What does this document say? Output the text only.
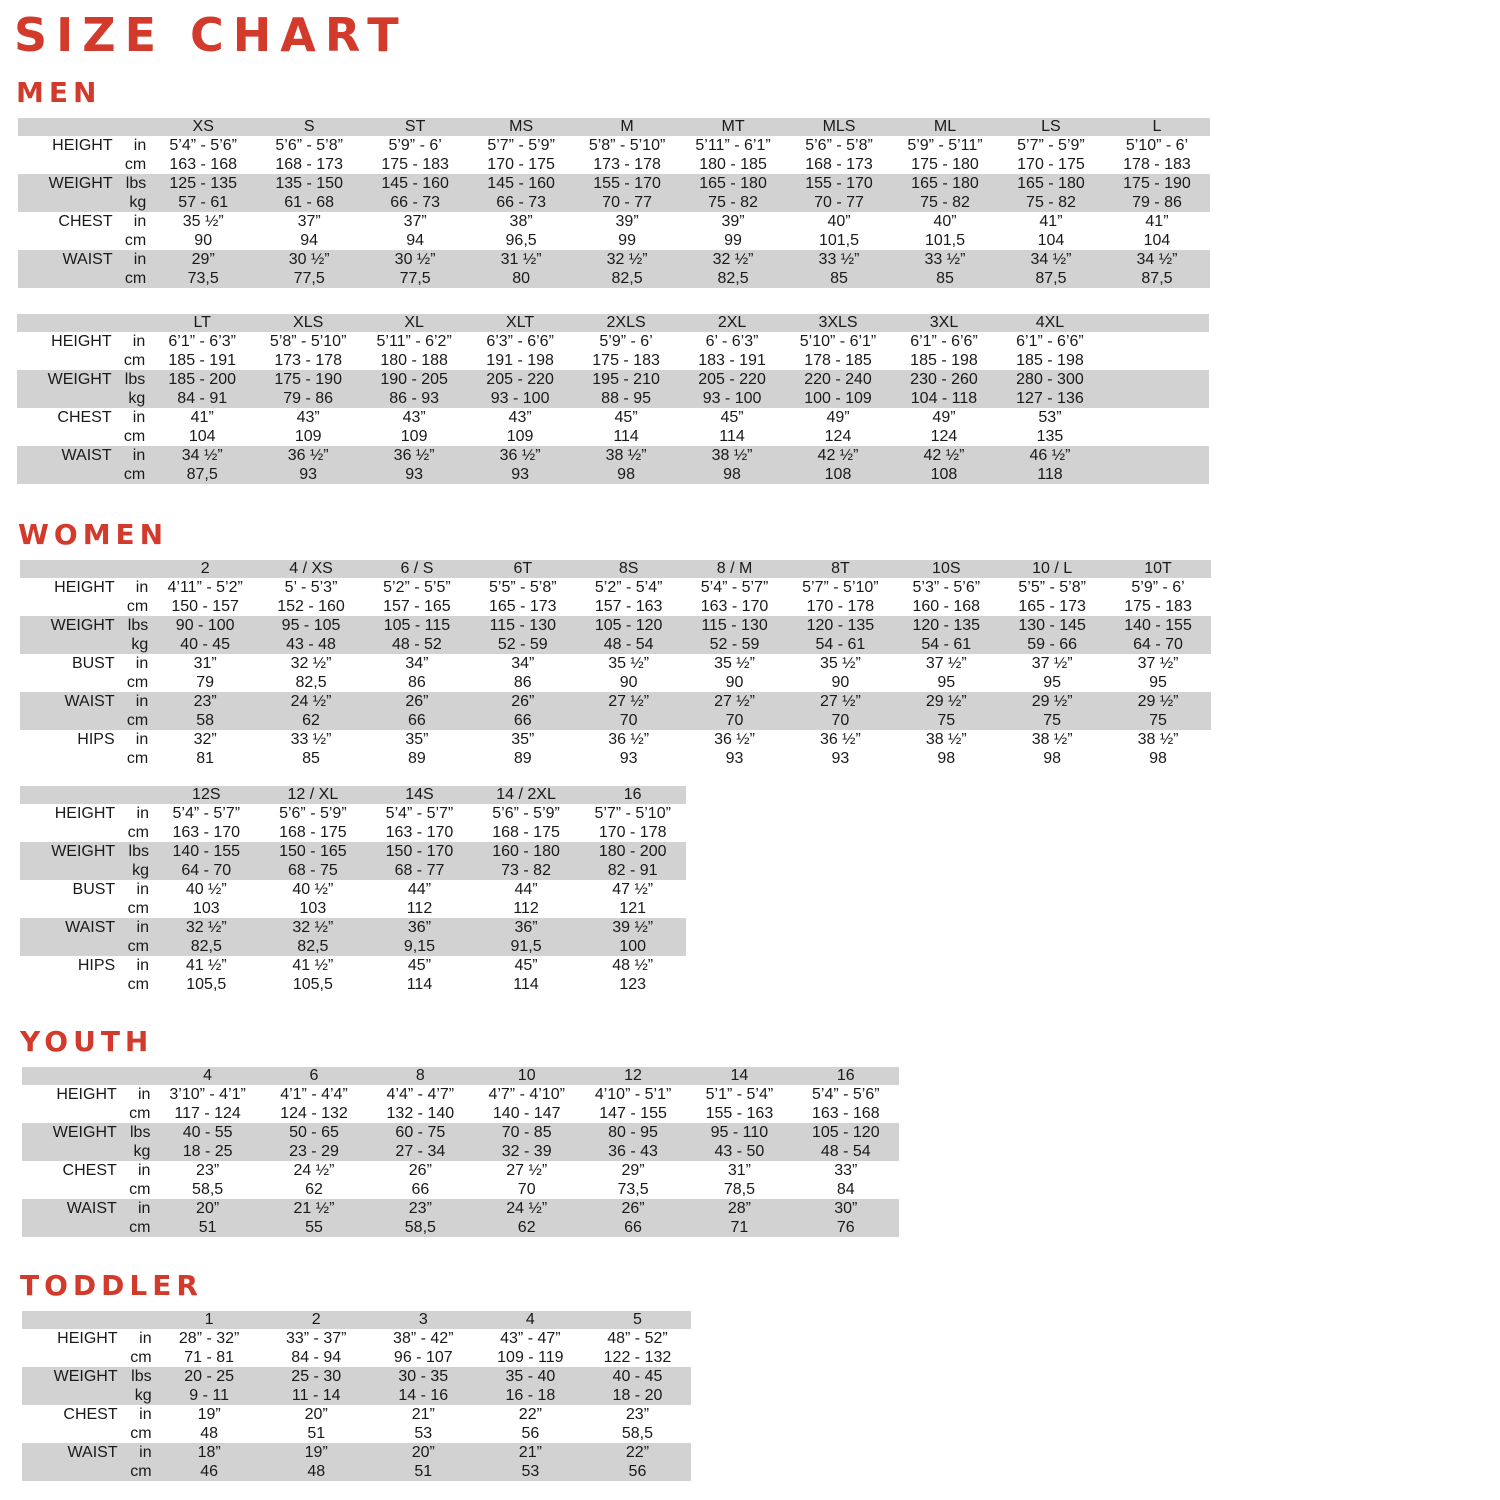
SIZE CHART
MEN
		XS	S	ST	MS	M	MT	MLS	ML	LS	L
HEIGHT	in	5’4” - 5’6”	5’6” - 5’8”	5’9” - 6’	5’7” - 5’9”	5’8” - 5’10”	5’11” - 6’1”	5’6” - 5’8”	5’9” - 5’11”	5’7” - 5’9”	5’10” - 6’
	cm	163 - 168	168 - 173	175 - 183	170 - 175	173 - 178	180 - 185	168 - 173	175 - 180	170 - 175	178 - 183
WEIGHT	lbs	125 - 135	135 - 150	145 - 160	145 - 160	155 - 170	165 - 180	155 - 170	165 - 180	165 - 180	175 - 190
	kg	57 - 61	61 - 68	66 - 73	66 - 73	70 - 77	75 - 82	70 - 77	75 - 82	75 - 82	79 - 86
CHEST	in	35 ½”	37”	37”	38”	39”	39”	40”	40”	41”	41”
	cm	90	94	94	96,5	99	99	101,5	101,5	104	104
WAIST	in	29”	30 ½”	30 ½”	31 ½”	32 ½”	32 ½”	33 ½”	33 ½”	34 ½”	34 ½”
	cm	73,5	77,5	77,5	80	82,5	82,5	85	85	87,5	87,5
		LT	XLS	XL	XLT	2XLS	2XL	3XLS	3XL	4XL	
HEIGHT	in	6’1” - 6’3”	5’8” - 5’10”	5’11” - 6’2”	6’3” - 6’6”	5’9” - 6’	6’ - 6’3”	5’10” - 6’1”	6’1” - 6’6”	6’1” - 6’6”	
	cm	185 - 191	173 - 178	180 - 188	191 - 198	175 - 183	183 - 191	178 - 185	185 - 198	185 - 198	
WEIGHT	lbs	185 - 200	175 - 190	190 - 205	205 - 220	195 - 210	205 - 220	220 - 240	230 - 260	280 - 300	
	kg	84 - 91	79 - 86	86 - 93	93 - 100	88 - 95	93 - 100	100 - 109	104 - 118	127 - 136	
CHEST	in	41”	43”	43”	43”	45”	45”	49”	49”	53”	
	cm	104	109	109	109	114	114	124	124	135	
WAIST	in	34 ½”	36 ½”	36 ½”	36 ½”	38 ½”	38 ½”	42 ½”	42 ½”	46 ½”	
	cm	87,5	93	93	93	98	98	108	108	118	
WOMEN
		2	4 / XS	6 / S	6T	8S	8 / M	8T	10S	10 / L	10T
HEIGHT	in	4’11” - 5’2”	5’ - 5’3”	5’2” - 5’5”	5’5” - 5’8”	5’2” - 5’4”	5’4” - 5’7”	5’7” - 5’10”	5’3” - 5’6”	5’5” - 5’8”	5’9” - 6’
	cm	150 - 157	152 - 160	157 - 165	165 - 173	157 - 163	163 - 170	170 - 178	160 - 168	165 - 173	175 - 183
WEIGHT	lbs	90 - 100	95 - 105	105 - 115	115 - 130	105 - 120	115 - 130	120 - 135	120 - 135	130 - 145	140 - 155
	kg	40 - 45	43 - 48	48 - 52	52 - 59	48 - 54	52 - 59	54 - 61	54 - 61	59 - 66	64 - 70
BUST	in	31”	32 ½”	34”	34”	35 ½”	35 ½”	35 ½”	37 ½”	37 ½”	37 ½”
	cm	79	82,5	86	86	90	90	90	95	95	95
WAIST	in	23”	24 ½”	26”	26”	27 ½”	27 ½”	27 ½”	29 ½”	29 ½”	29 ½”
	cm	58	62	66	66	70	70	70	75	75	75
HIPS	in	32”	33 ½”	35”	35”	36 ½”	36 ½”	36 ½”	38 ½”	38 ½”	38 ½”
	cm	81	85	89	89	93	93	93	98	98	98
		12S	12 / XL	14S	14 / 2XL	16
HEIGHT	in	5’4” - 5’7”	5’6” - 5’9”	5’4” - 5’7”	5’6” - 5’9”	5’7” - 5’10”
	cm	163 - 170	168 - 175	163 - 170	168 - 175	170 - 178
WEIGHT	lbs	140 - 155	150 - 165	150 - 170	160 - 180	180 - 200
	kg	64 - 70	68 - 75	68 - 77	73 - 82	82 - 91
BUST	in	40 ½”	40 ½”	44”	44”	47 ½”
	cm	103	103	112	112	121
WAIST	in	32 ½”	32 ½”	36”	36”	39 ½”
	cm	82,5	82,5	9,15	91,5	100
HIPS	in	41 ½”	41 ½”	45”	45”	48 ½”
	cm	105,5	105,5	114	114	123
YOUTH
		4	6	8	10	12	14	16
HEIGHT	in	3’10” - 4’1”	4’1” - 4’4”	4’4” - 4’7”	4’7” - 4’10”	4’10” - 5’1”	5’1” - 5’4”	5’4” - 5’6”
	cm	117 - 124	124 - 132	132 - 140	140 - 147	147 - 155	155 - 163	163 - 168
WEIGHT	lbs	40 - 55	50 - 65	60 - 75	70 - 85	80 - 95	95 - 110	105 - 120
	kg	18 - 25	23 - 29	27 - 34	32 - 39	36 - 43	43 - 50	48 - 54
CHEST	in	23”	24 ½”	26”	27 ½”	29”	31”	33”
	cm	58,5	62	66	70	73,5	78,5	84
WAIST	in	20”	21 ½”	23”	24 ½”	26”	28”	30”
	cm	51	55	58,5	62	66	71	76
TODDLER
		1	2	3	4	5
HEIGHT	in	28” - 32”	33” - 37”	38” - 42”	43” - 47”	48” - 52”
	cm	71 - 81	84 - 94	96 - 107	109 - 119	122 - 132
WEIGHT	lbs	20 - 25	25 - 30	30 - 35	35 - 40	40 - 45
	kg	9 - 11	11 - 14	14 - 16	16 - 18	18 - 20
CHEST	in	19”	20”	21”	22”	23”
	cm	48	51	53	56	58,5
WAIST	in	18”	19”	20”	21”	22”
	cm	46	48	51	53	56
